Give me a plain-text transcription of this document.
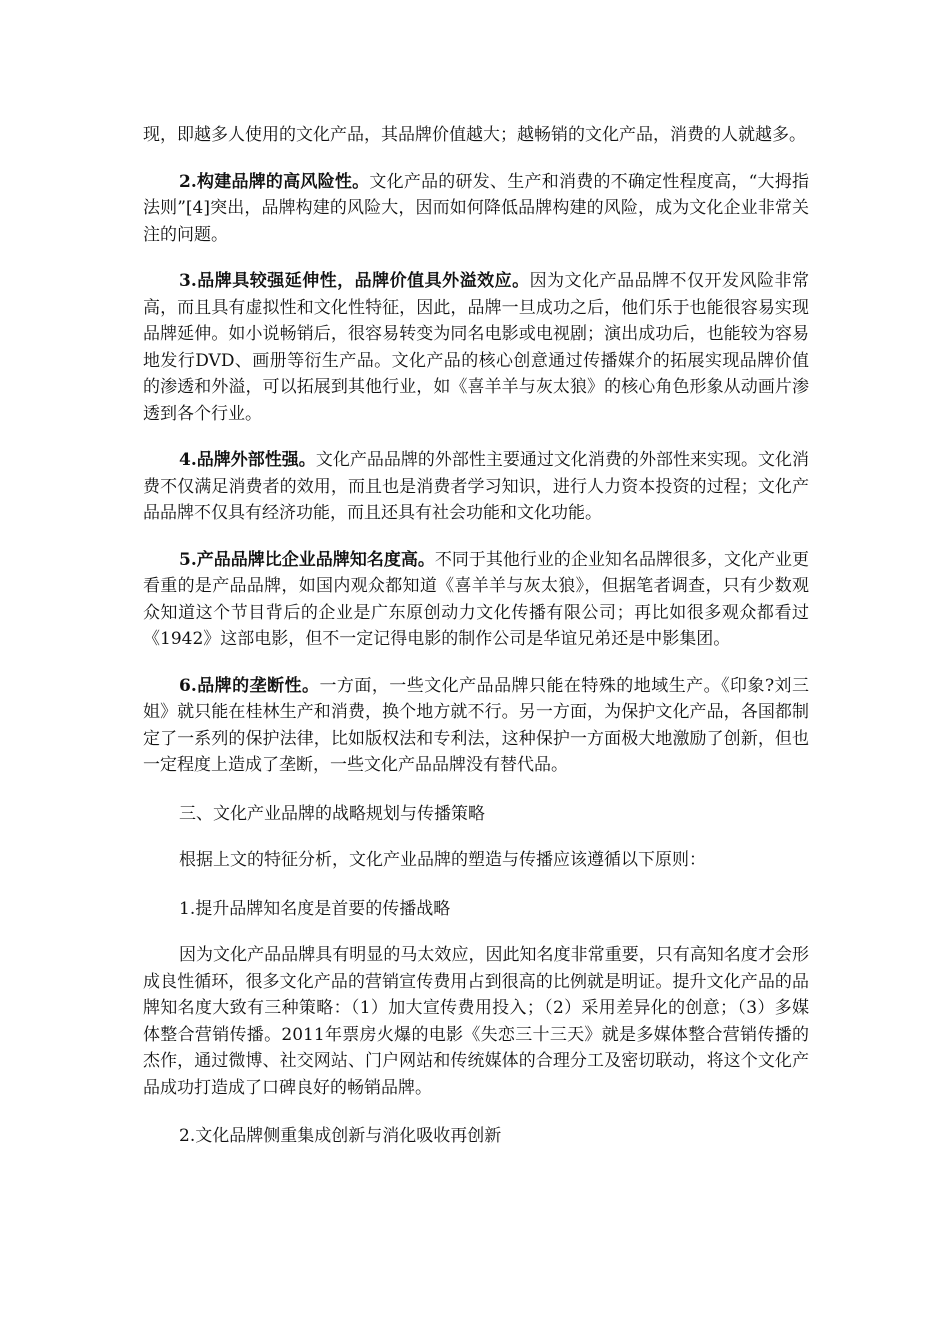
现，即越多人使用的文化产品，其品牌价值越大；越畅销的文化产品，消费的人就越多。

2.构建品牌的高风险性。文化产品的研发、生产和消费的不确定性程度高，“大拇指法则”[4]突出，品牌构建的风险大，因而如何降低品牌构建的风险，成为文化企业非常关注的问题。

3.品牌具较强延伸性，品牌价值具外溢效应。因为文化产品品牌不仅开发风险非常高，而且具有虚拟性和文化性特征，因此，品牌一旦成功之后，他们乐于也能很容易实现品牌延伸。如小说畅销后，很容易转变为同名电影或电视剧；演出成功后，也能较为容易地发行DVD、画册等衍生产品。文化产品的核心创意通过传播媒介的拓展实现品牌价值的渗透和外溢，可以拓展到其他行业，如《喜羊羊与灰太狼》的核心角色形象从动画片渗透到各个行业。

4.品牌外部性强。文化产品品牌的外部性主要通过文化消费的外部性来实现。文化消费不仅满足消费者的效用，而且也是消费者学习知识，进行人力资本投资的过程；文化产品品牌不仅具有经济功能，而且还具有社会功能和文化功能。

5.产品品牌比企业品牌知名度高。不同于其他行业的企业知名品牌很多，文化产业更看重的是产品品牌，如国内观众都知道《喜羊羊与灰太狼》，但据笔者调查，只有少数观众知道这个节目背后的企业是广东原创动力文化传播有限公司；再比如很多观众都看过《1942》这部电影，但不一定记得电影的制作公司是华谊兄弟还是中影集团。

6.品牌的垄断性。一方面，一些文化产品品牌只能在特殊的地域生产。《印象?刘三姐》就只能在桂林生产和消费，换个地方就不行。另一方面，为保护文化产品，各国都制定了一系列的保护法律，比如版权法和专利法，这种保护一方面极大地激励了创新，但也一定程度上造成了垄断，一些文化产品品牌没有替代品。

三、文化产业品牌的战略规划与传播策略

根据上文的特征分析，文化产业品牌的塑造与传播应该遵循以下原则：

1.提升品牌知名度是首要的传播战略

因为文化产品品牌具有明显的马太效应，因此知名度非常重要，只有高知名度才会形成良性循环，很多文化产品的营销宣传费用占到很高的比例就是明证。提升文化产品的品牌知名度大致有三种策略：（1）加大宣传费用投入；（2）采用差异化的创意；（3）多媒体整合营销传播。2011年票房火爆的电影《失恋三十三天》就是多媒体整合营销传播的杰作，通过微博、社交网站、门户网站和传统媒体的合理分工及密切联动，将这个文化产品成功打造成了口碑良好的畅销品牌。

2.文化品牌侧重集成创新与消化吸收再创新
